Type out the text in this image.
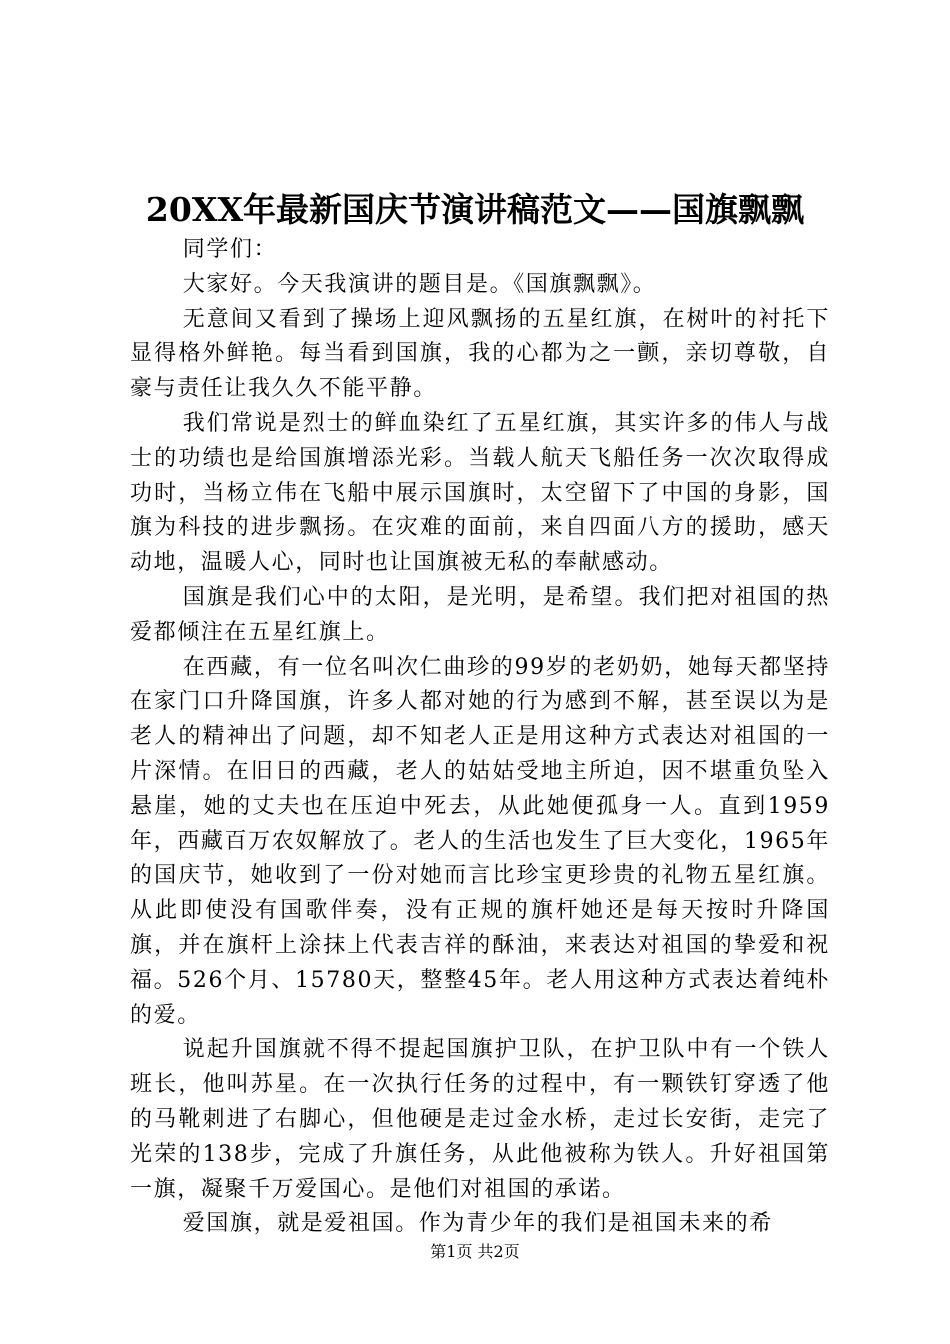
20XX年最新国庆节演讲稿范文——国旗飘飘

同学们：

大家好。今天我演讲的题目是。《国旗飘飘》。

无意间又看到了操场上迎风飘扬的五星红旗，在树叶的衬托下显得格外鲜艳。每当看到国旗，我的心都为之一颤，亲切尊敬，自豪与责任让我久久不能平静。

我们常说是烈士的鲜血染红了五星红旗，其实许多的伟人与战士的功绩也是给国旗增添光彩。当载人航天飞船任务一次次取得成功时，当杨立伟在飞船中展示国旗时，太空留下了中国的身影，国旗为科技的进步飘扬。在灾难的面前，来自四面八方的援助，感天动地，温暖人心，同时也让国旗被无私的奉献感动。

国旗是我们心中的太阳，是光明，是希望。我们把对祖国的热爱都倾注在五星红旗上。

在西藏，有一位名叫次仁曲珍的99岁的老奶奶，她每天都坚持在家门口升降国旗，许多人都对她的行为感到不解，甚至误以为是老人的精神出了问题，却不知老人正是用这种方式表达对祖国的一片深情。在旧日的西藏，老人的姑姑受地主所迫，因不堪重负坠入悬崖，她的丈夫也在压迫中死去，从此她便孤身一人。直到1959年，西藏百万农奴解放了。老人的生活也发生了巨大变化，1965年的国庆节，她收到了一份对她而言比珍宝更珍贵的礼物五星红旗。从此即使没有国歌伴奏，没有正规的旗杆她还是每天按时升降国旗，并在旗杆上涂抹上代表吉祥的酥油，来表达对祖国的挚爱和祝福。526个月、15780天，整整45年。老人用这种方式表达着纯朴的爱。

说起升国旗就不得不提起国旗护卫队，在护卫队中有一个铁人班长，他叫苏星。在一次执行任务的过程中，有一颗铁钉穿透了他的马靴刺进了右脚心，但他硬是走过金水桥，走过长安街，走完了光荣的138步，完成了升旗任务，从此他被称为铁人。升好祖国第一旗，凝聚千万爱国心。是他们对祖国的承诺。

爱国旗，就是爱祖国。作为青少年的我们是祖国未来的希

第1页 共2页
